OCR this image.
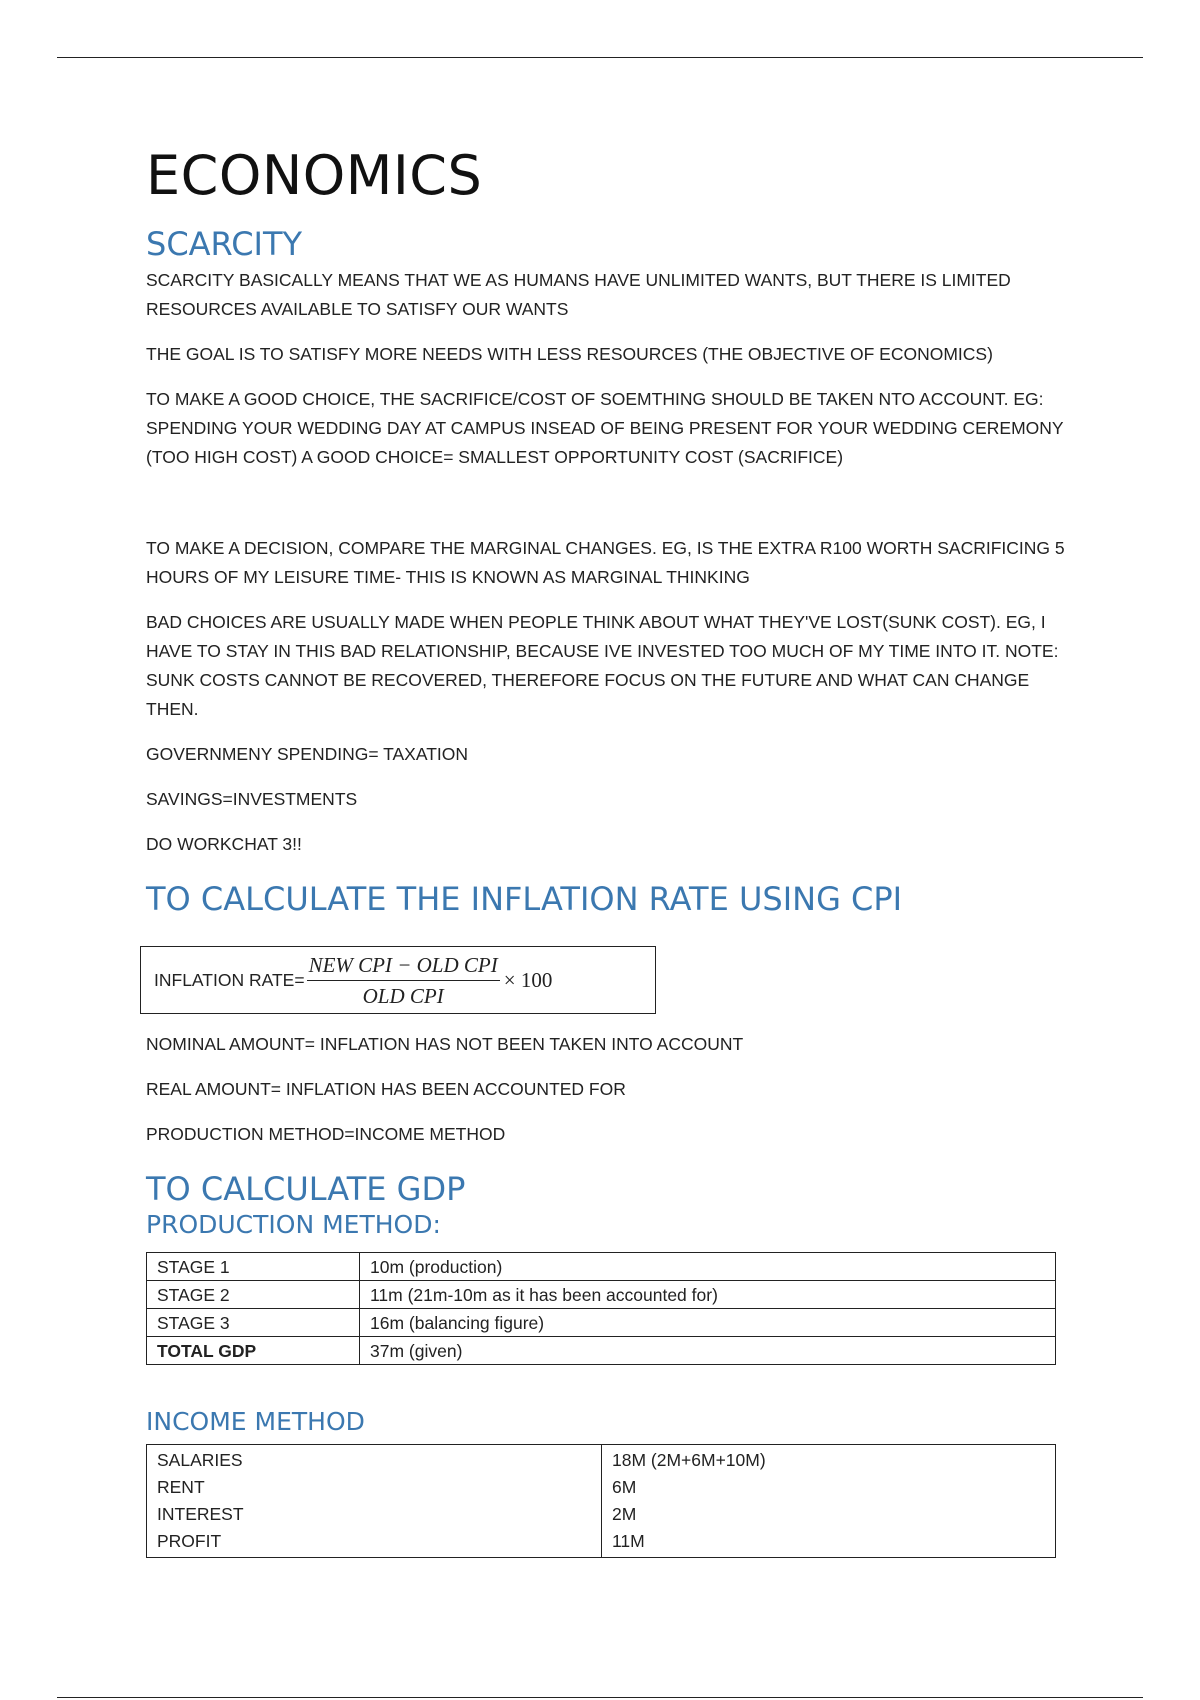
ECONOMICS
SCARCITY

SCARCITY BASICALLY MEANS THAT WE AS HUMANS HAVE UNLIMITED WANTS, BUT THERE IS LIMITED RESOURCES AVAILABLE TO SATISFY OUR WANTS

THE GOAL IS TO SATISFY MORE NEEDS WITH LESS RESOURCES (THE OBJECTIVE OF ECONOMICS)

TO MAKE A GOOD CHOICE, THE SACRIFICE/COST OF SOEMTHING SHOULD BE TAKEN NTO ACCOUNT. EG: SPENDING YOUR WEDDING DAY AT CAMPUS INSEAD OF BEING PRESENT FOR YOUR WEDDING CEREMONY (TOO HIGH COST) A GOOD CHOICE= SMALLEST OPPORTUNITY COST (SACRIFICE)

TO MAKE A DECISION, COMPARE THE MARGINAL CHANGES. EG, IS THE EXTRA R100 WORTH SACRIFICING 5 HOURS OF MY LEISURE TIME- THIS IS KNOWN AS MARGINAL THINKING

BAD CHOICES ARE USUALLY MADE WHEN PEOPLE THINK ABOUT WHAT THEY'VE LOST(SUNK COST). EG, I HAVE TO STAY IN THIS BAD RELATIONSHIP, BECAUSE IVE INVESTED TOO MUCH OF MY TIME INTO IT. NOTE: SUNK COSTS CANNOT BE RECOVERED, THEREFORE FOCUS ON THE FUTURE AND WHAT CAN CHANGE THEN.

GOVERNMENY SPENDING= TAXATION

SAVINGS=INVESTMENTS

DO WORKCHAT 3!!

TO CALCULATE THE INFLATION RATE USING CPI
INFLATION RATE= $\frac{\text{NEW CPI − OLD CPI}}{\text{OLD CPI}} \times 100$

NOMINAL AMOUNT= INFLATION HAS NOT BEEN TAKEN INTO ACCOUNT

REAL AMOUNT= INFLATION HAS BEEN ACCOUNTED FOR

PRODUCTION METHOD=INCOME METHOD

TO CALCULATE GDP
PRODUCTION METHOD:
STAGE 1	10m (production)
STAGE 2	11m (21m-10m as it has been accounted for)
STAGE 3	16m (balancing figure)
TOTAL GDP	37m (given)
INCOME METHOD
SALARIES	18M (2M+6M+10M)
RENT	6M
INTEREST	2M
PROFIT	11M
